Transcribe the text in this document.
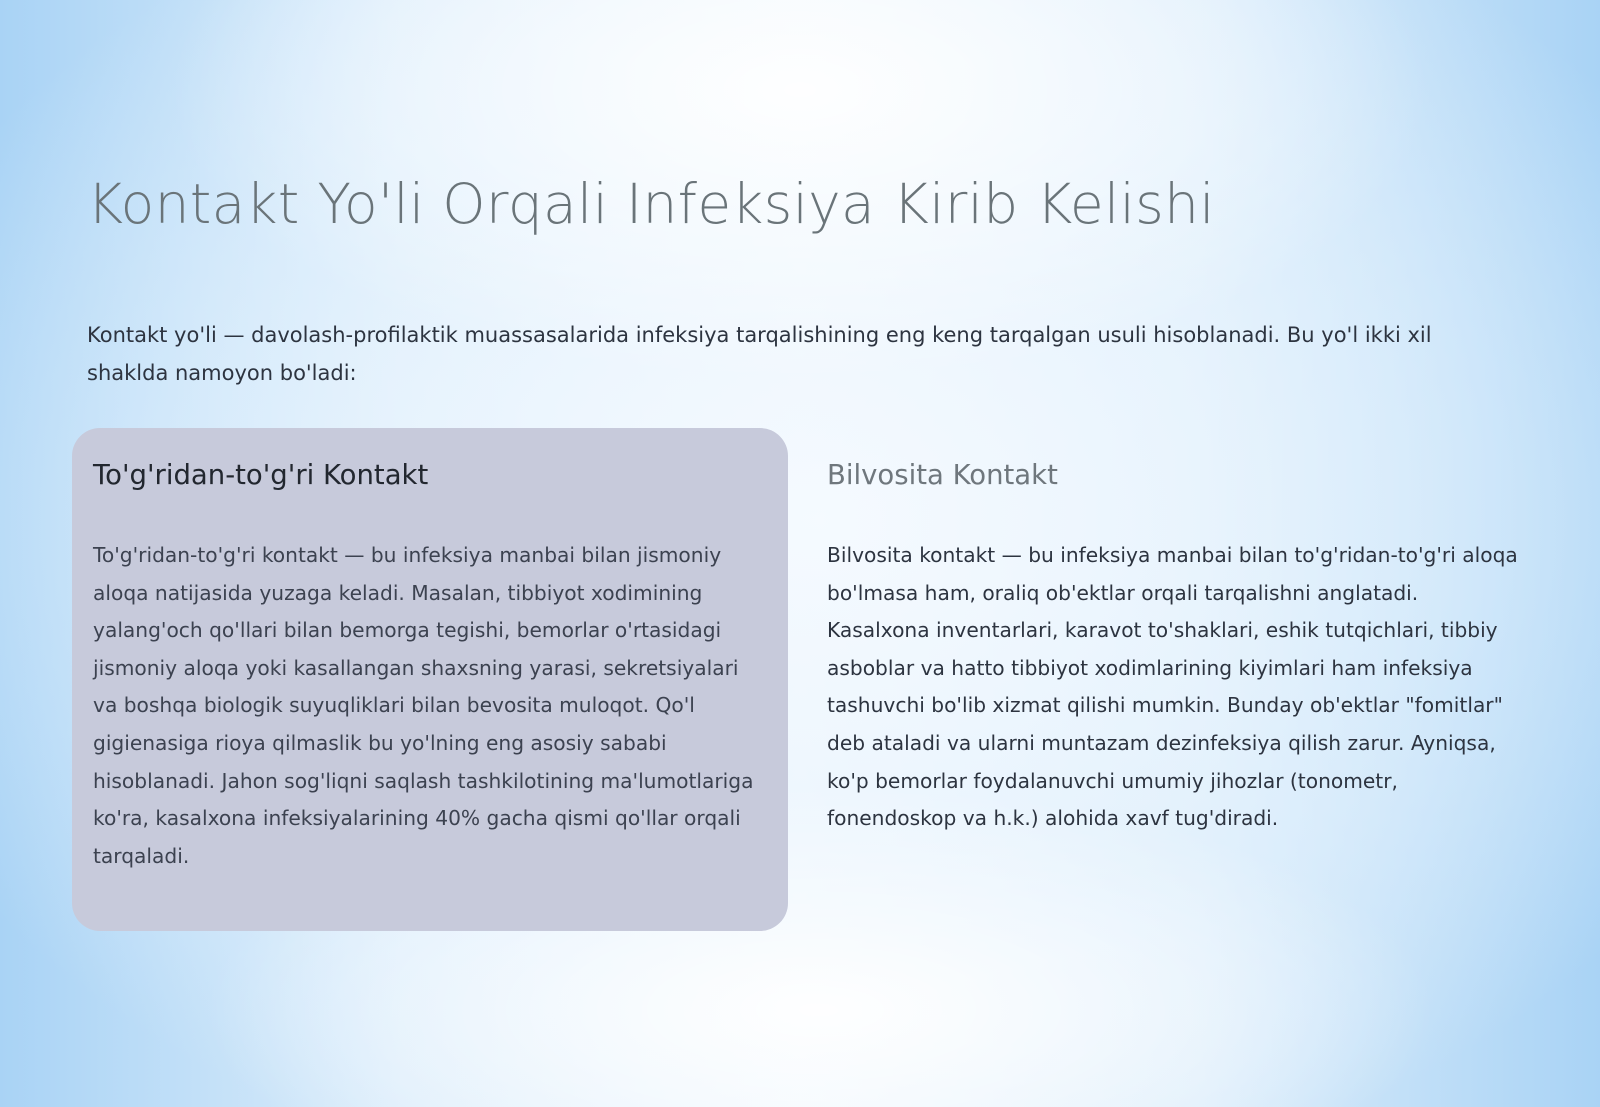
Kontakt Yo'li Orqali Infeksiya Kirib Kelishi

Kontakt yo'li — davolash-profilaktik muassasalarida infeksiya tarqalishining eng keng tarqalgan usuli hisoblanadi. Bu yo'l ikki xil shaklda namoyon bo'ladi:

To'g'ridan-to'g'ri Kontakt

To'g'ridan-to'g'ri kontakt — bu infeksiya manbai bilan jismoniy aloqa natijasida yuzaga keladi. Masalan, tibbiyot xodimining yalang'och qo'llari bilan bemorga tegishi, bemorlar o'rtasidagi jismoniy aloqa yoki kasallangan shaxsning yarasi, sekretsiyalari va boshqa biologik suyuqliklari bilan bevosita muloqot. Qo'l gigienasiga rioya qilmaslik bu yo'lning eng asosiy sababi hisoblanadi. Jahon sog'liqni saqlash tashkilotining ma'lumotlariga ko'ra, kasalxona infeksiyalarining 40% gacha qismi qo'llar orqali tarqaladi.

Bilvosita Kontakt

Bilvosita kontakt — bu infeksiya manbai bilan to'g'ridan-to'g'ri aloqa bo'lmasa ham, oraliq ob'ektlar orqali tarqalishni anglatadi. Kasalxona inventarlari, karavot to'shaklari, eshik tutqichlari, tibbiy asboblar va hatto tibbiyot xodimlarining kiyimlari ham infeksiya tashuvchi bo'lib xizmat qilishi mumkin. Bunday ob'ektlar "fomitlar" deb ataladi va ularni muntazam dezinfeksiya qilish zarur. Ayniqsa, ko'p bemorlar foydalanuvchi umumiy jihozlar (tonometr, fonendoskop va h.k.) alohida xavf tug'diradi.
